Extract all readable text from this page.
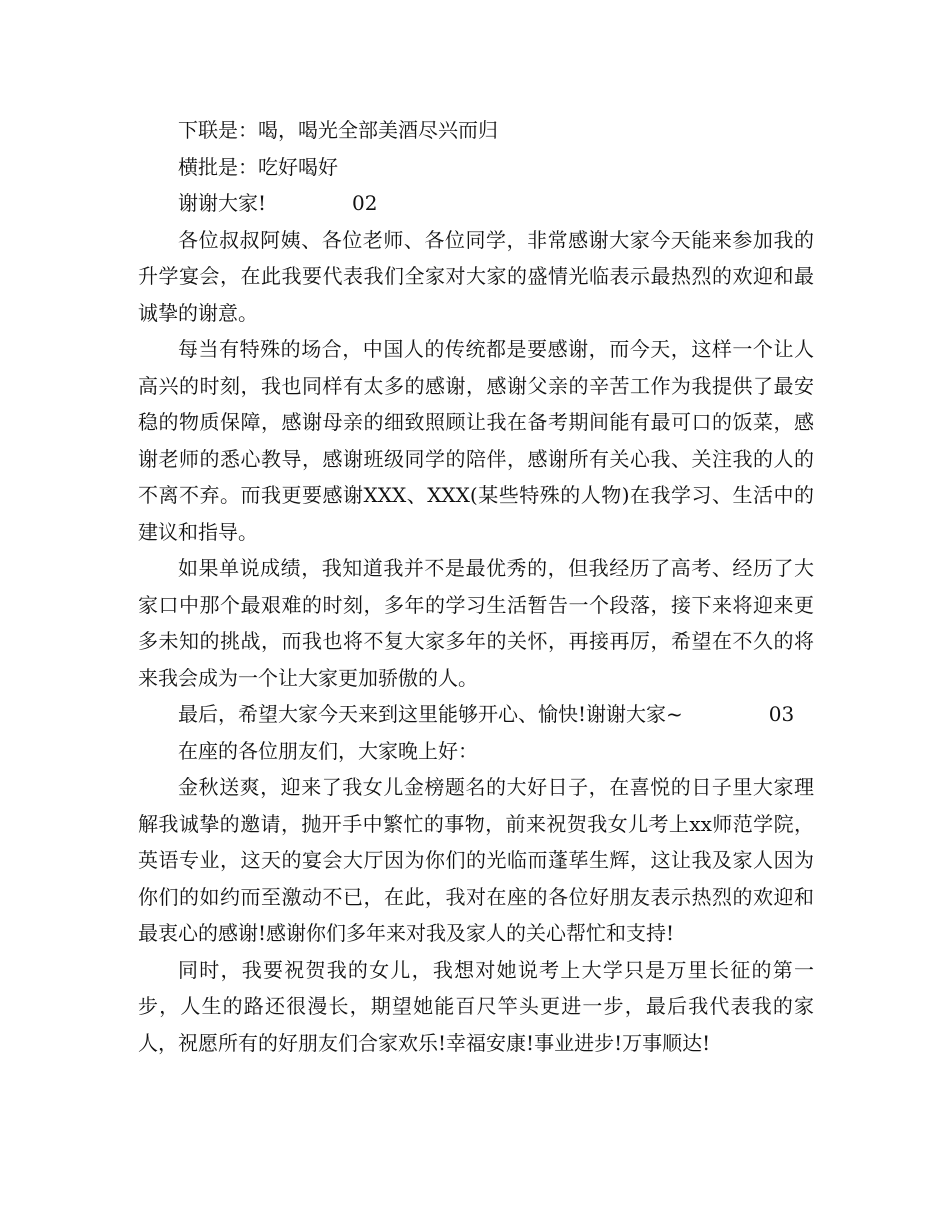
下联是：喝，喝光全部美酒尽兴而归

横批是：吃好喝好

谢谢大家!	02

各位叔叔阿姨、各位老师、各位同学，非常感谢大家今天能来参加我的升学宴会，在此我要代表我们全家对大家的盛情光临表示最热烈的欢迎和最诚挚的谢意。

每当有特殊的场合，中国人的传统都是要感谢，而今天，这样一个让人高兴的时刻，我也同样有太多的感谢，感谢父亲的辛苦工作为我提供了最安稳的物质保障，感谢母亲的细致照顾让我在备考期间能有最可口的饭菜，感谢老师的悉心教导，感谢班级同学的陪伴，感谢所有关心我、关注我的人的不离不弃。而我更要感谢XXX、XXX(某些特殊的人物)在我学习、生活中的建议和指导。

如果单说成绩，我知道我并不是最优秀的，但我经历了高考、经历了大家口中那个最艰难的时刻，多年的学习生活暂告一个段落，接下来将迎来更多未知的挑战，而我也将不复大家多年的关怀，再接再厉，希望在不久的将来我会成为一个让大家更加骄傲的人。

最后，希望大家今天来到这里能够开心、愉快!谢谢大家~	03

在座的各位朋友们，大家晚上好：

金秋送爽，迎来了我女儿金榜题名的大好日子，在喜悦的日子里大家理解我诚挚的邀请，抛开手中繁忙的事物，前来祝贺我女儿考上xx师范学院，英语专业，这天的宴会大厅因为你们的光临而蓬荜生辉，这让我及家人因为你们的如约而至激动不已，在此，我对在座的各位好朋友表示热烈的欢迎和最衷心的感谢!感谢你们多年来对我及家人的关心帮忙和支持!

同时，我要祝贺我的女儿，我想对她说考上大学只是万里长征的第一步，人生的路还很漫长，期望她能百尺竿头更进一步，最后我代表我的家人，祝愿所有的好朋友们合家欢乐!幸福安康!事业进步!万事顺达!
